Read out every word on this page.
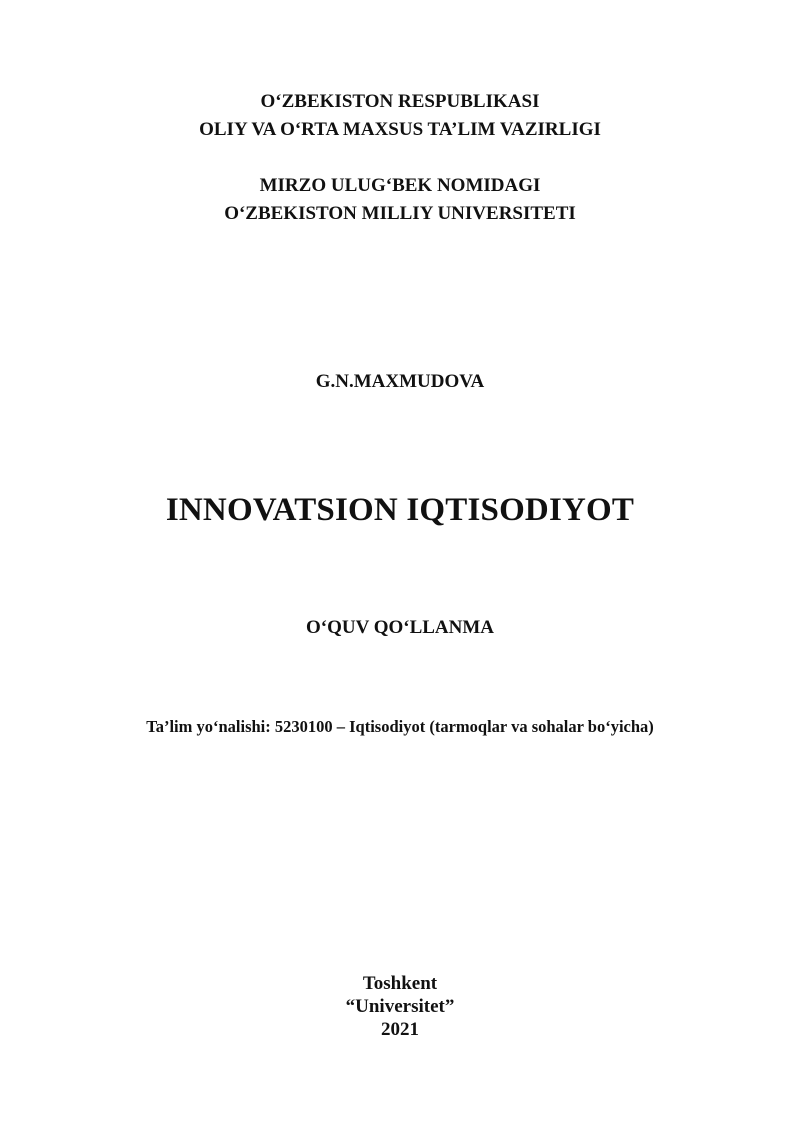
O‘ZBEKISTON RESPUBLIKASI
OLIY VA O‘RTA MAXSUS TA’LIM VAZIRLIGI
MIRZO ULUG‘BEK NOMIDAGI
O‘ZBEKISTON MILLIY UNIVERSITETI
G.N.MAXMUDOVA
INNOVATSION IQTISODIYOT
O‘QUV QO‘LLANMA
Ta’lim yo‘nalishi: 5230100 – Iqtisodiyot (tarmoqlar va sohalar bo‘yicha)
Toshkent
“Universitet”
2021
